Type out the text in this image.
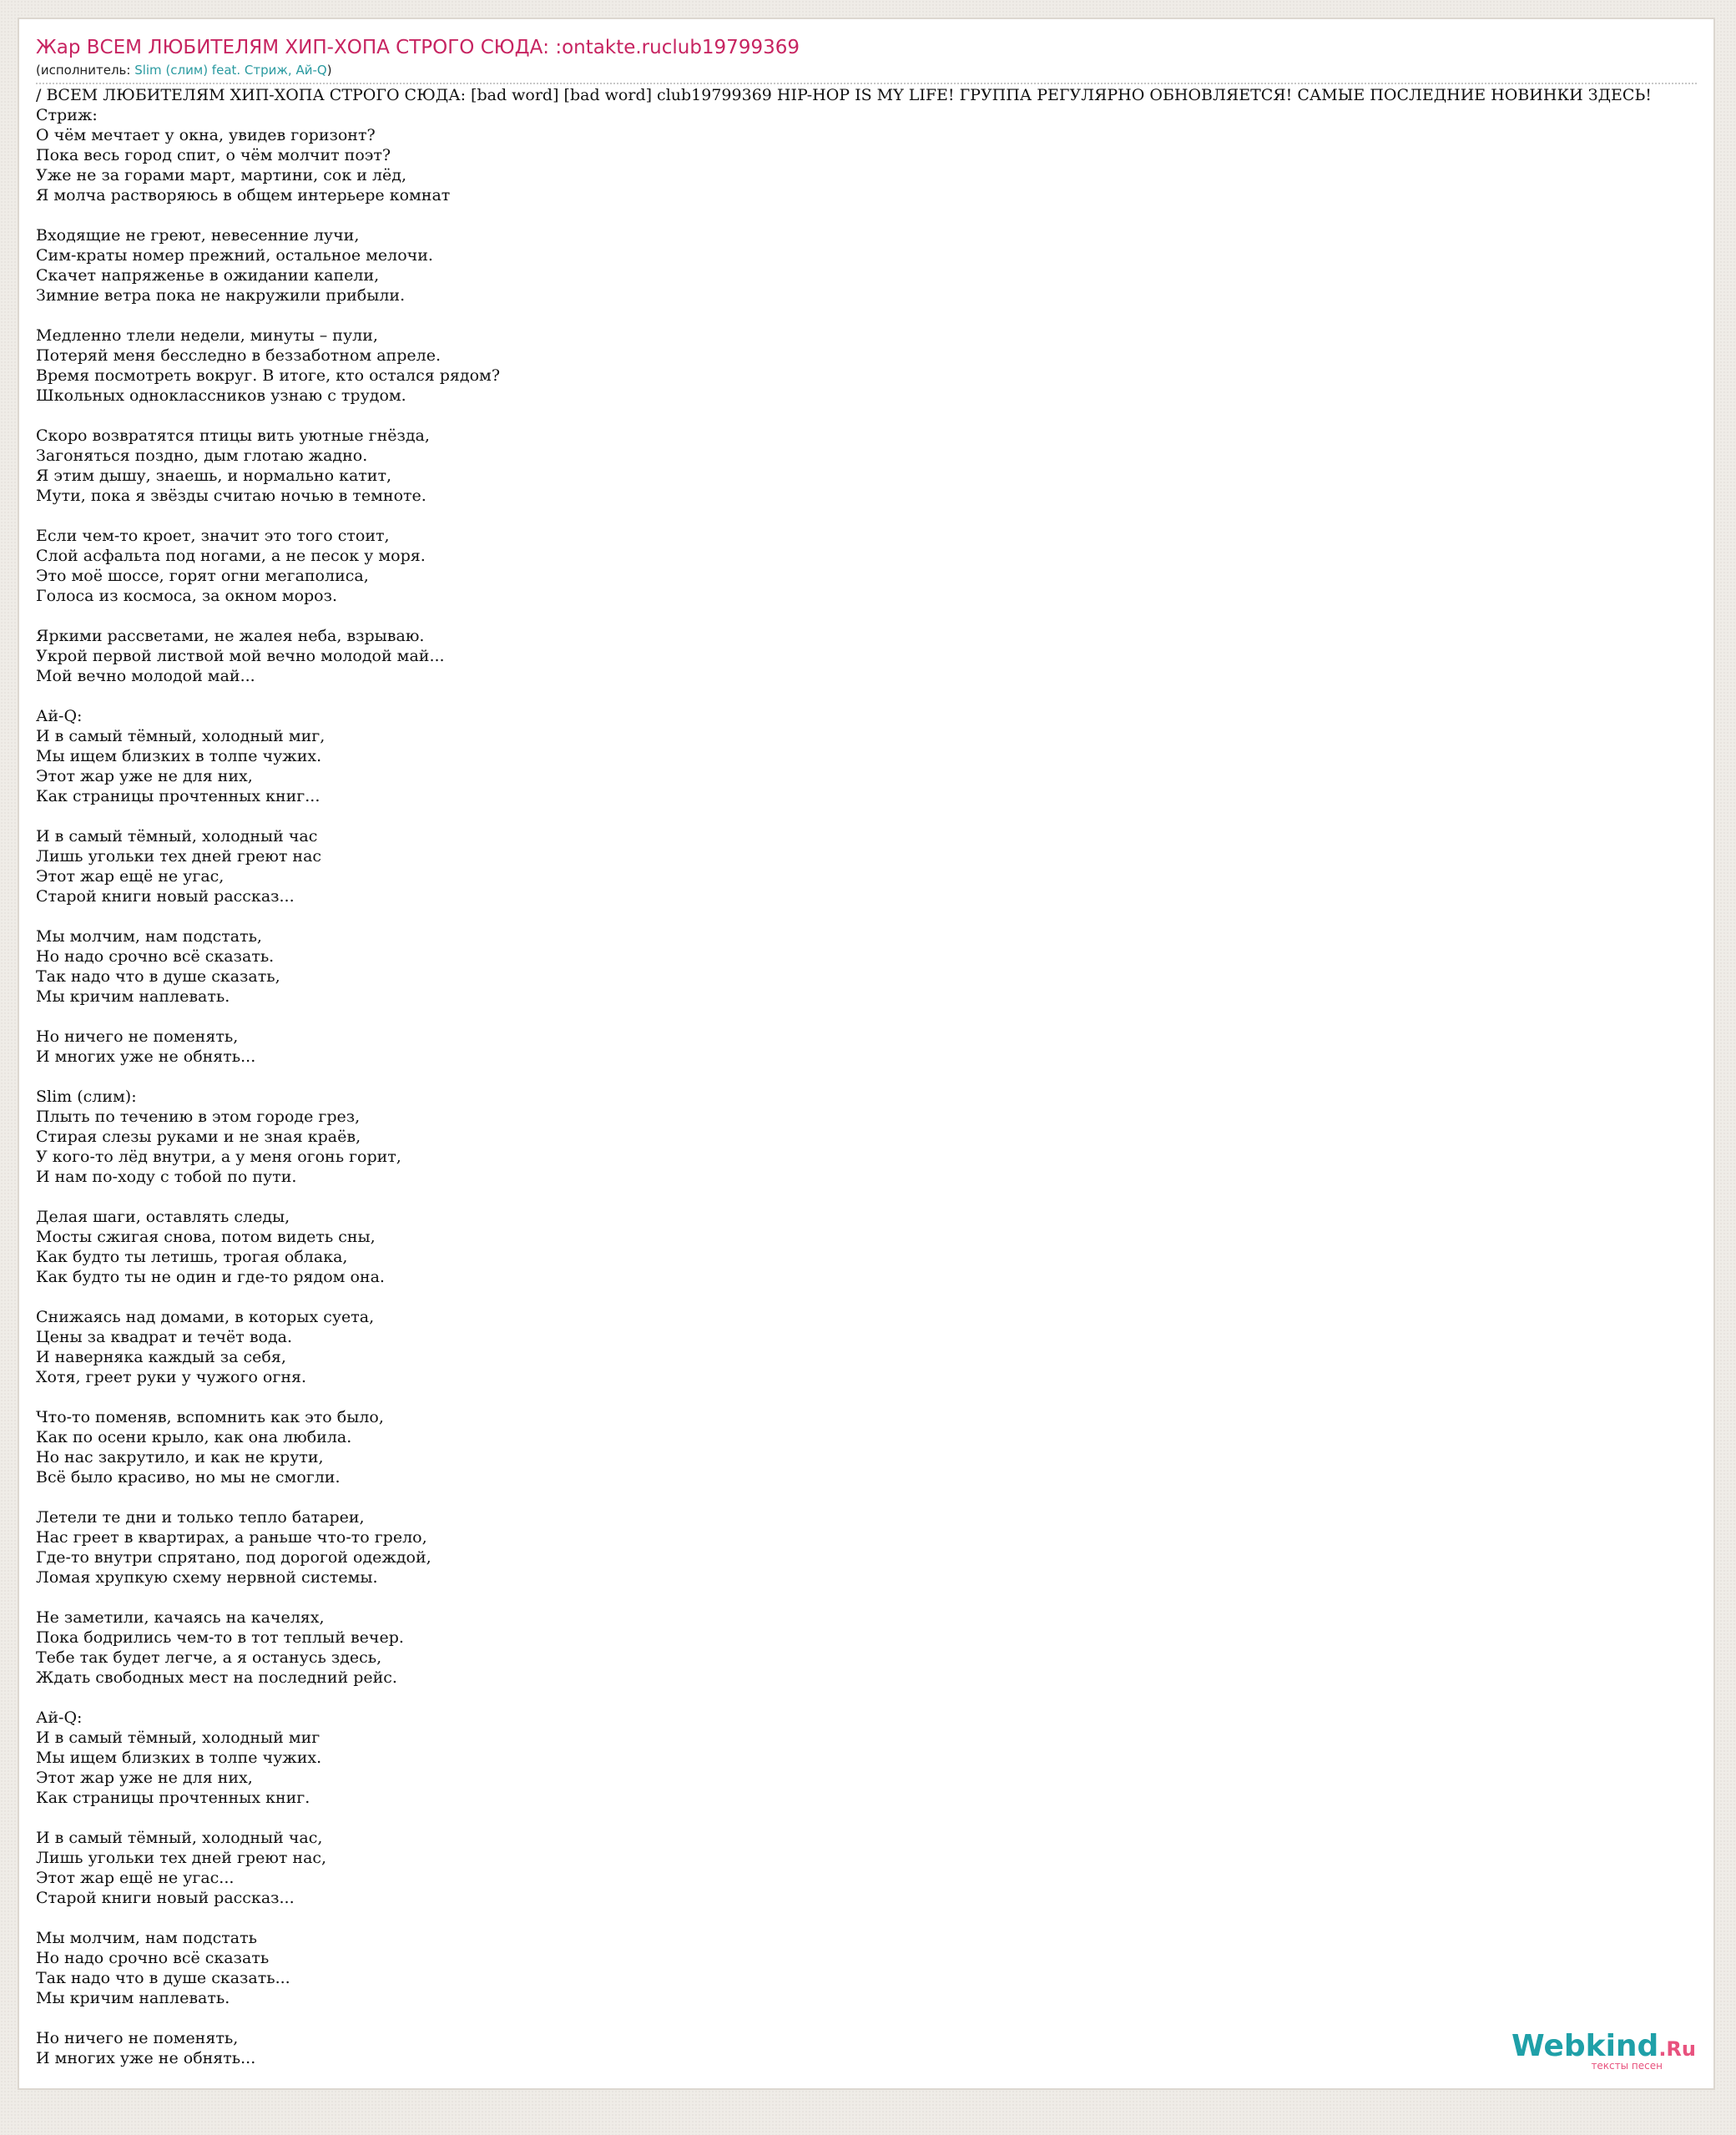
Жар ВСЕМ ЛЮБИТЕЛЯМ ХИП-ХОПА СТРОГО СЮДА: :ontakte.ruclub19799369
(исполнитель: Slim (слим) feat. Стриж, Ай-Q)
/ ВСЕМ ЛЮБИТЕЛЯМ ХИП-ХОПА СТРОГО СЮДА: [bad word] [bad word] club19799369 HIP-HOP IS MY LIFE! ГРУППА РЕГУЛЯРНО ОБНОВЛЯЕТСЯ! САМЫЕ ПОСЛЕДНИЕ НОВИНКИ ЗДЕСЬ!
Стриж:
О чём мечтает у окна, увидев горизонт?
Пока весь город спит, о чём молчит поэт?
Уже не за горами март, мартини, сок и лёд,
Я молча растворяюсь в общем интерьере комнат

Входящие не греют, невесенние лучи,
Сим-краты номер прежний, остальное мелочи.
Скачет напряженье в ожидании капели,
Зимние ветра пока не накружили прибыли.

Медленно тлели недели, минуты – пули,
Потеряй меня бесследно в беззаботном апреле.
Время посмотреть вокруг. В итоге, кто остался рядом?
Школьных одноклассников узнаю с трудом.

Скоро возвратятся птицы вить уютные гнёзда,
Загоняться поздно, дым глотаю жадно.
Я этим дышу, знаешь, и нормально катит,
Мути, пока я звёзды считаю ночью в темноте.

Если чем-то кроет, значит это того стоит,
Слой асфальта под ногами, а не песок у моря.
Это моё шоссе, горят огни мегаполиса,
Голоса из космоса, за окном мороз.

Яркими рассветами, не жалея неба, взрываю.
Укрой первой листвой мой вечно молодой май...
Мой вечно молодой май...

Ай-Q:
И в самый тёмный, холодный миг,
Мы ищем близких в толпе чужих.
Этот жар уже не для них,
Как страницы прочтенных книг...

И в самый тёмный, холодный час
Лишь угольки тех дней греют нас
Этот жар ещё не угас,
Старой книги новый рассказ...

Мы молчим, нам подстать,
Но надо срочно всё сказать.
Так надо что в душе сказать,
Мы кричим наплевать.

Но ничего не поменять,
И многих уже не обнять...

Slim (слим):
Плыть по течению в этом городе грез,
Стирая слезы руками и не зная краёв,
У кого-то лёд внутри, а у меня огонь горит,
И нам по-ходу с тобой по пути.

Делая шаги, оставлять следы,
Мосты сжигая снова, потом видеть сны,
Как будто ты летишь, трогая облака,
Как будто ты не один и где-то рядом она.

Снижаясь над домами, в которых суета,
Цены за квадрат и течёт вода.
И наверняка каждый за себя,
Хотя, греет руки у чужого огня.

Что-то поменяв, вспомнить как это было,
Как по осени крыло, как она любила.
Но нас закрутило, и как не крути,
Всё было красиво, но мы не смогли.

Летели те дни и только тепло батареи,
Нас греет в квартирах, а раньше что-то грело,
Где-то внутри спрятано, под дорогой одеждой,
Ломая хрупкую схему нервной системы.

Не заметили, качаясь на качелях,
Пока бодрились чем-то в тот теплый вечер.
Тебе так будет легче, а я останусь здесь,
Ждать свободных мест на последний рейс.

Ай-Q:
И в самый тёмный, холодный миг
Мы ищем близких в толпе чужих.
Этот жар уже не для них,
Как страницы прочтенных книг.

И в самый тёмный, холодный час,
Лишь угольки тех дней греют нас,
Этот жар ещё не угас...
Старой книги новый рассказ...

Мы молчим, нам подстать
Но надо срочно всё сказать
Так надо что в душе сказать...
Мы кричим наплевать.

Но ничего не поменять,
И многих уже не обнять...	Webkind.Ru
тексты песен
